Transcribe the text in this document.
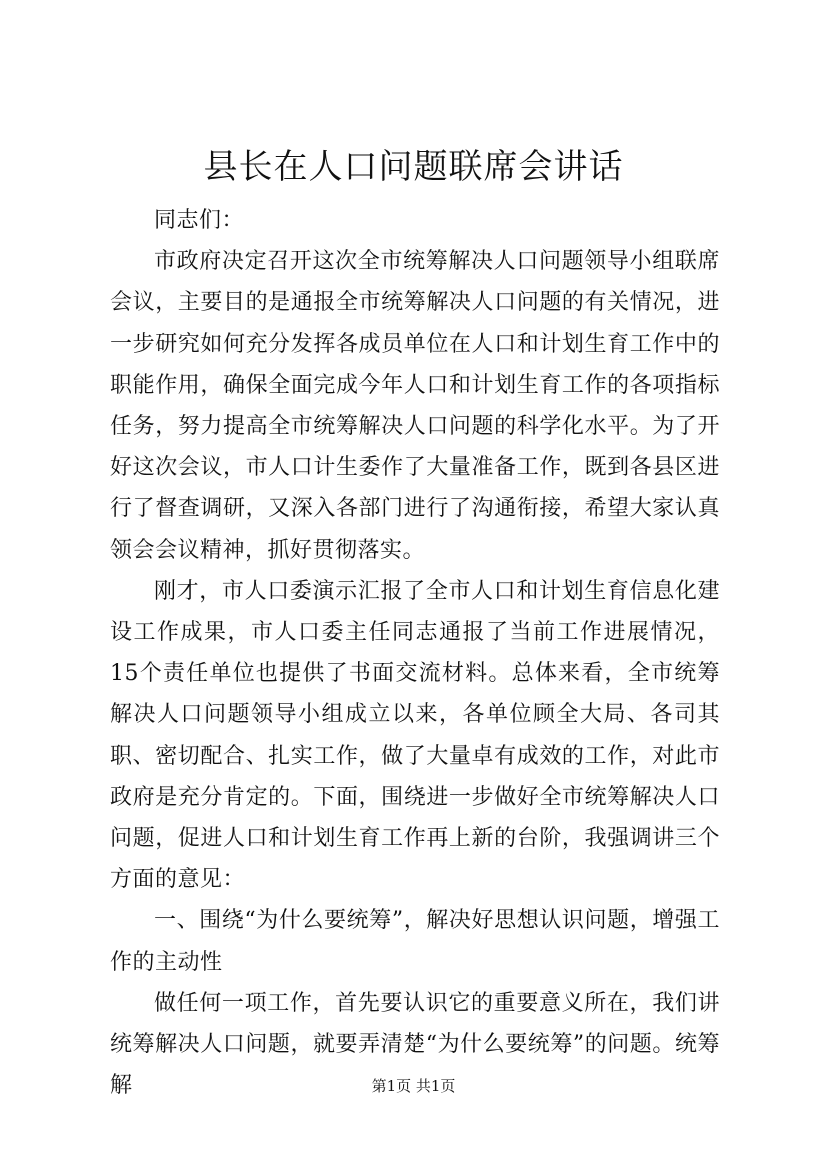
县长在人口问题联席会讲话

同志们：

市政府决定召开这次全市统筹解决人口问题领导小组联席会议，主要目的是通报全市统筹解决人口问题的有关情况，进一步研究如何充分发挥各成员单位在人口和计划生育工作中的职能作用，确保全面完成今年人口和计划生育工作的各项指标任务，努力提高全市统筹解决人口问题的科学化水平。为了开好这次会议，市人口计生委作了大量准备工作，既到各县区进行了督查调研，又深入各部门进行了沟通衔接，希望大家认真领会会议精神，抓好贯彻落实。

刚才，市人口委演示汇报了全市人口和计划生育信息化建设工作成果，市人口委主任同志通报了当前工作进展情况，15个责任单位也提供了书面交流材料。总体来看，全市统筹解决人口问题领导小组成立以来，各单位顾全大局、各司其职、密切配合、扎实工作，做了大量卓有成效的工作，对此市政府是充分肯定的。下面，围绕进一步做好全市统筹解决人口问题，促进人口和计划生育工作再上新的台阶，我强调讲三个方面的意见：

一、围绕“为什么要统筹”，解决好思想认识问题，增强工作的主动性

做任何一项工作，首先要认识它的重要意义所在，我们讲统筹解决人口问题，就要弄清楚“为什么要统筹”的问题。统筹解	第1页 共1页
